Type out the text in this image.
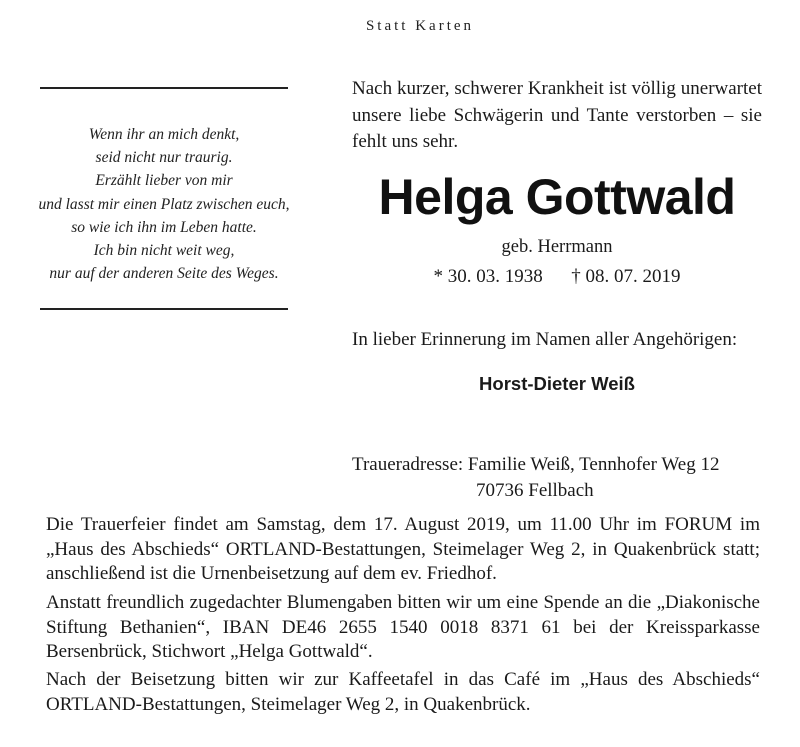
Statt Karten
Wenn ihr an mich denkt,
seid nicht nur traurig.
Erzählt lieber von mir
und lasst mir einen Platz zwischen euch,
so wie ich ihn im Leben hatte.
Ich bin nicht weit weg,
nur auf der anderen Seite des Weges.
Nach kurzer, schwerer Krankheit ist völlig unerwartet unsere liebe Schwägerin und Tante verstorben – sie fehlt uns sehr.
Helga Gottwald
geb. Herrmann
* 30. 03. 1938 † 08. 07. 2019
In lieber Erinnerung im Namen aller Angehörigen:
Horst-Dieter Weiß
Traueradresse: Familie Weiß, Tennhofer Weg 12
70736 Fellbach
Die Trauerfeier findet am Samstag, dem 17. August 2019, um 11.00 Uhr im FORUM im „Haus des Abschieds“ ORTLAND-Bestattungen, Steimelager Weg 2, in Quakenbrück statt; anschließend ist die Urnenbeisetzung auf dem ev. Friedhof.
Anstatt freundlich zugedachter Blumengaben bitten wir um eine Spende an die „Diakonische Stiftung Bethanien“, IBAN DE46 2655 1540 0018 8371 61 bei der Kreissparkasse Bersenbrück, Stichwort „Helga Gottwald“.
Nach der Beisetzung bitten wir zur Kaffeetafel in das Café im „Haus des Abschieds“ ORTLAND-Bestattungen, Steimelager Weg 2, in Quakenbrück.
